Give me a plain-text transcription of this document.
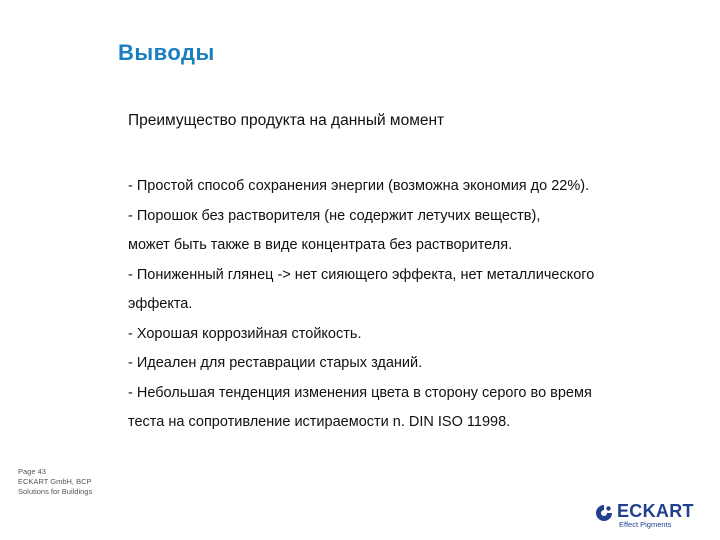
Выводы
Преимущество продукта на данный момент
- Простой способ сохранения энергии (возможна экономия до 22%).
- Порошок без растворителя (не содержит летучих веществ),
может быть также в виде концентрата без растворителя.
- Пониженный глянец -> нет сияющего эффекта, нет металлического
эффекта.
- Хорошая коррозийная стойкость.
- Идеален для реставрации старых зданий.
- Небольшая тенденция изменения цвета в сторону серого во время
теста на сопротивление истираемости n. DIN ISO 11998.
Page 43
ECKART GmbH, BCP
Solutions for Buildings
ECKART
Effect Pigments
